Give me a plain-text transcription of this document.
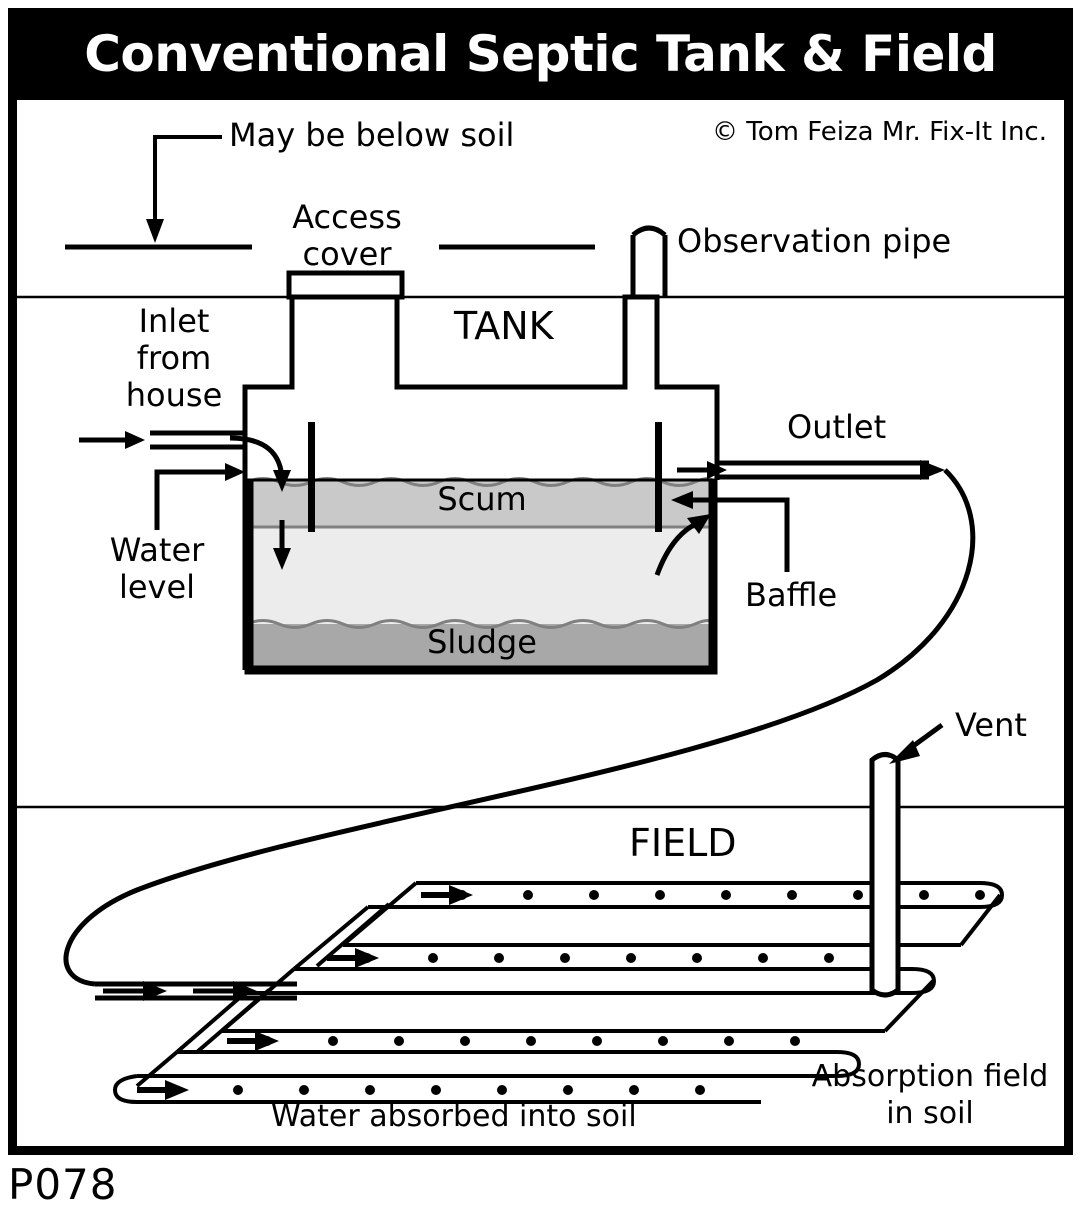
Conventional Septic Tank & Field
© Tom Feiza Mr. Fix-It Inc.
May be below soil
Access
cover	Observation pipe
TANK
Inlet
from
house
Outlet
Scum
Sludge
Water
level	Baffle
Vent
FIELD
Absorption field
in soil
Water absorbed into soil
P078
